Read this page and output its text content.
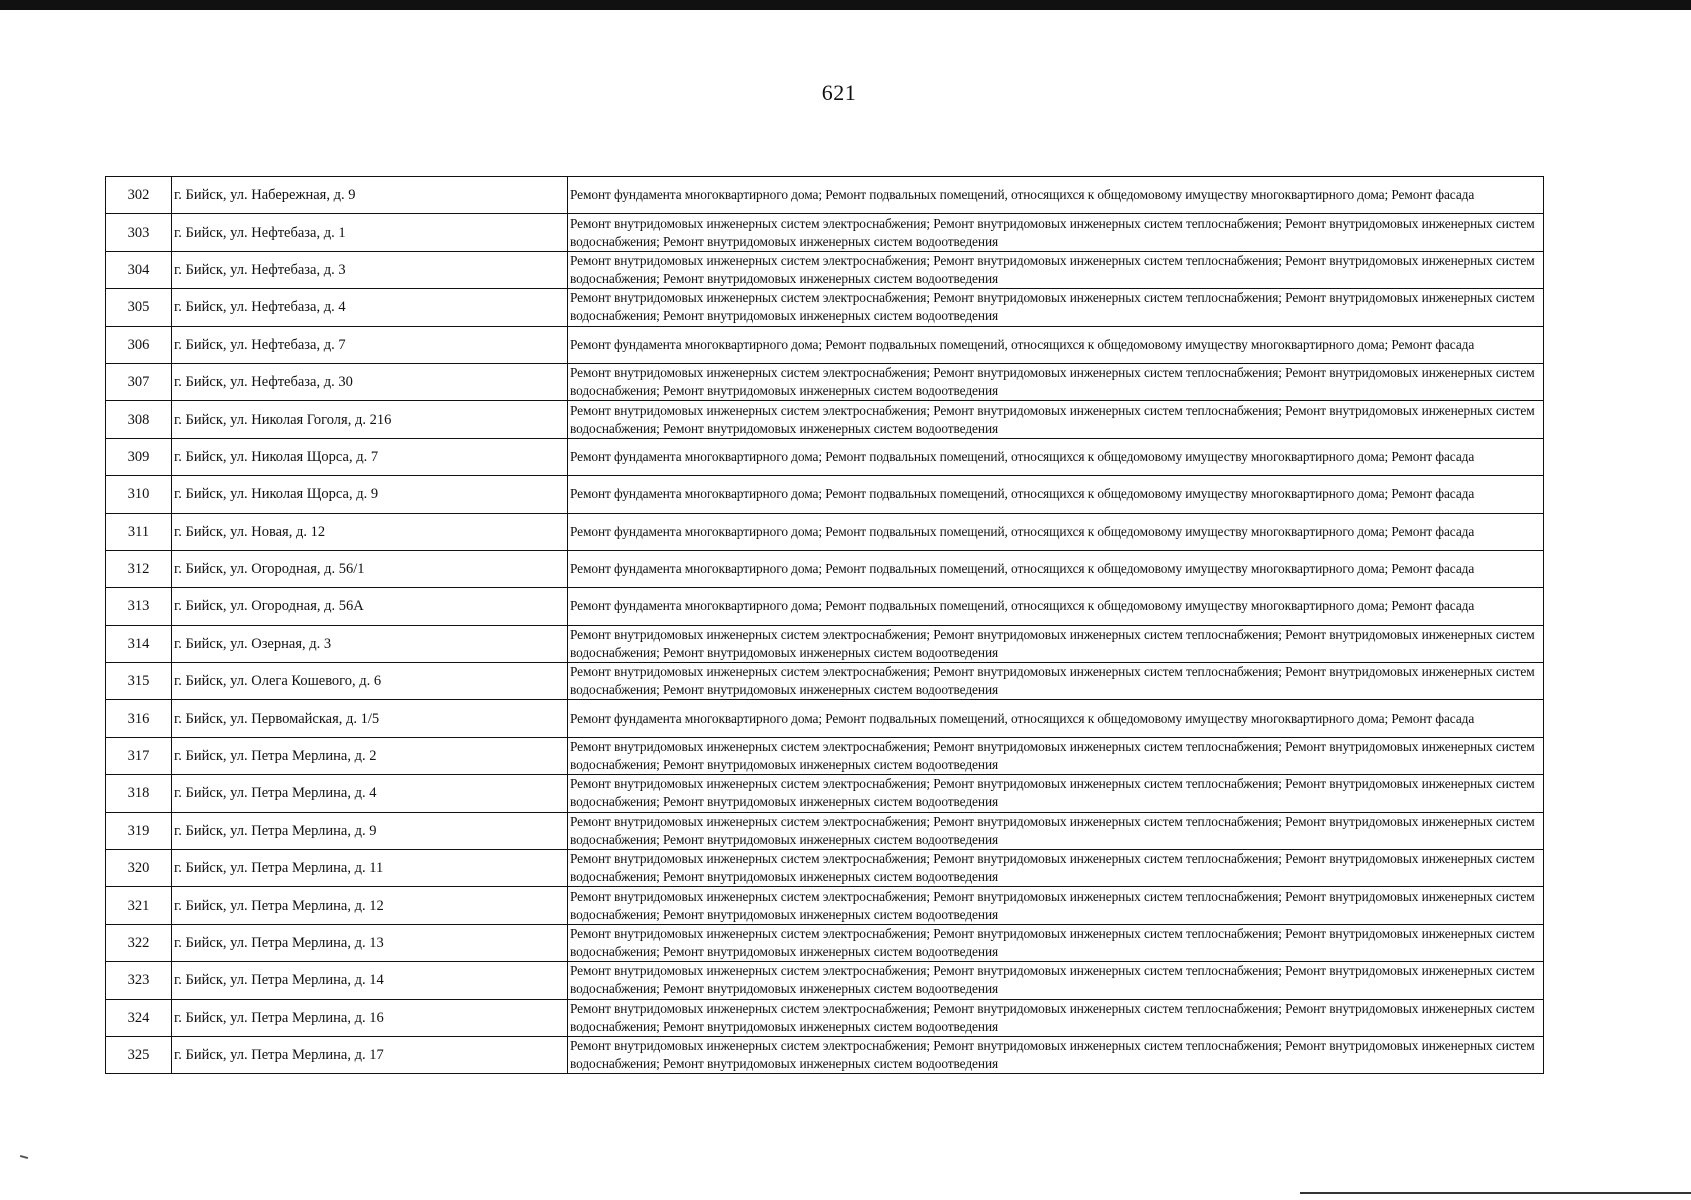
621
302	г. Бийск, ул. Набережная, д. 9	Ремонт фундамента многоквартирного дома; Ремонт подвальных помещений, относящихся к общедомовому имуществу многоквартирного дома; Ремонт фасада
303	г. Бийск, ул. Нефтебаза, д. 1	Ремонт внутридомовых инженерных систем электроснабжения; Ремонт внутридомовых инженерных систем теплоснабжения; Ремонт внутридомовых инженерных систем водоснабжения; Ремонт внутридомовых инженерных систем водоотведения
304	г. Бийск, ул. Нефтебаза, д. 3	Ремонт внутридомовых инженерных систем электроснабжения; Ремонт внутридомовых инженерных систем теплоснабжения; Ремонт внутридомовых инженерных систем водоснабжения; Ремонт внутридомовых инженерных систем водоотведения
305	г. Бийск, ул. Нефтебаза, д. 4	Ремонт внутридомовых инженерных систем электроснабжения; Ремонт внутридомовых инженерных систем теплоснабжения; Ремонт внутридомовых инженерных систем водоснабжения; Ремонт внутридомовых инженерных систем водоотведения
306	г. Бийск, ул. Нефтебаза, д. 7	Ремонт фундамента многоквартирного дома; Ремонт подвальных помещений, относящихся к общедомовому имуществу многоквартирного дома; Ремонт фасада
307	г. Бийск, ул. Нефтебаза, д. 30	Ремонт внутридомовых инженерных систем электроснабжения; Ремонт внутридомовых инженерных систем теплоснабжения; Ремонт внутридомовых инженерных систем водоснабжения; Ремонт внутридомовых инженерных систем водоотведения
308	г. Бийск, ул. Николая Гоголя, д. 216	Ремонт внутридомовых инженерных систем электроснабжения; Ремонт внутридомовых инженерных систем теплоснабжения; Ремонт внутридомовых инженерных систем водоснабжения; Ремонт внутридомовых инженерных систем водоотведения
309	г. Бийск, ул. Николая Щорса, д. 7	Ремонт фундамента многоквартирного дома; Ремонт подвальных помещений, относящихся к общедомовому имуществу многоквартирного дома; Ремонт фасада
310	г. Бийск, ул. Николая Щорса, д. 9	Ремонт фундамента многоквартирного дома; Ремонт подвальных помещений, относящихся к общедомовому имуществу многоквартирного дома; Ремонт фасада
311	г. Бийск, ул. Новая, д. 12	Ремонт фундамента многоквартирного дома; Ремонт подвальных помещений, относящихся к общедомовому имуществу многоквартирного дома; Ремонт фасада
312	г. Бийск, ул. Огородная, д. 56/1	Ремонт фундамента многоквартирного дома; Ремонт подвальных помещений, относящихся к общедомовому имуществу многоквартирного дома; Ремонт фасада
313	г. Бийск, ул. Огородная, д. 56А	Ремонт фундамента многоквартирного дома; Ремонт подвальных помещений, относящихся к общедомовому имуществу многоквартирного дома; Ремонт фасада
314	г. Бийск, ул. Озерная, д. 3	Ремонт внутридомовых инженерных систем электроснабжения; Ремонт внутридомовых инженерных систем теплоснабжения; Ремонт внутридомовых инженерных систем водоснабжения; Ремонт внутридомовых инженерных систем водоотведения
315	г. Бийск, ул. Олега Кошевого, д. 6	Ремонт внутридомовых инженерных систем электроснабжения; Ремонт внутридомовых инженерных систем теплоснабжения; Ремонт внутридомовых инженерных систем водоснабжения; Ремонт внутридомовых инженерных систем водоотведения
316	г. Бийск, ул. Первомайская, д. 1/5	Ремонт фундамента многоквартирного дома; Ремонт подвальных помещений, относящихся к общедомовому имуществу многоквартирного дома; Ремонт фасада
317	г. Бийск, ул. Петра Мерлина, д. 2	Ремонт внутридомовых инженерных систем электроснабжения; Ремонт внутридомовых инженерных систем теплоснабжения; Ремонт внутридомовых инженерных систем водоснабжения; Ремонт внутридомовых инженерных систем водоотведения
318	г. Бийск, ул. Петра Мерлина, д. 4	Ремонт внутридомовых инженерных систем электроснабжения; Ремонт внутридомовых инженерных систем теплоснабжения; Ремонт внутридомовых инженерных систем водоснабжения; Ремонт внутридомовых инженерных систем водоотведения
319	г. Бийск, ул. Петра Мерлина, д. 9	Ремонт внутридомовых инженерных систем электроснабжения; Ремонт внутридомовых инженерных систем теплоснабжения; Ремонт внутридомовых инженерных систем водоснабжения; Ремонт внутридомовых инженерных систем водоотведения
320	г. Бийск, ул. Петра Мерлина, д. 11	Ремонт внутридомовых инженерных систем электроснабжения; Ремонт внутридомовых инженерных систем теплоснабжения; Ремонт внутридомовых инженерных систем водоснабжения; Ремонт внутридомовых инженерных систем водоотведения
321	г. Бийск, ул. Петра Мерлина, д. 12	Ремонт внутридомовых инженерных систем электроснабжения; Ремонт внутридомовых инженерных систем теплоснабжения; Ремонт внутридомовых инженерных систем водоснабжения; Ремонт внутридомовых инженерных систем водоотведения
322	г. Бийск, ул. Петра Мерлина, д. 13	Ремонт внутридомовых инженерных систем электроснабжения; Ремонт внутридомовых инженерных систем теплоснабжения; Ремонт внутридомовых инженерных систем водоснабжения; Ремонт внутридомовых инженерных систем водоотведения
323	г. Бийск, ул. Петра Мерлина, д. 14	Ремонт внутридомовых инженерных систем электроснабжения; Ремонт внутридомовых инженерных систем теплоснабжения; Ремонт внутридомовых инженерных систем водоснабжения; Ремонт внутридомовых инженерных систем водоотведения
324	г. Бийск, ул. Петра Мерлина, д. 16	Ремонт внутридомовых инженерных систем электроснабжения; Ремонт внутридомовых инженерных систем теплоснабжения; Ремонт внутридомовых инженерных систем водоснабжения; Ремонт внутридомовых инженерных систем водоотведения
325	г. Бийск, ул. Петра Мерлина, д. 17	Ремонт внутридомовых инженерных систем электроснабжения; Ремонт внутридомовых инженерных систем теплоснабжения; Ремонт внутридомовых инженерных систем водоснабжения; Ремонт внутридомовых инженерных систем водоотведения
